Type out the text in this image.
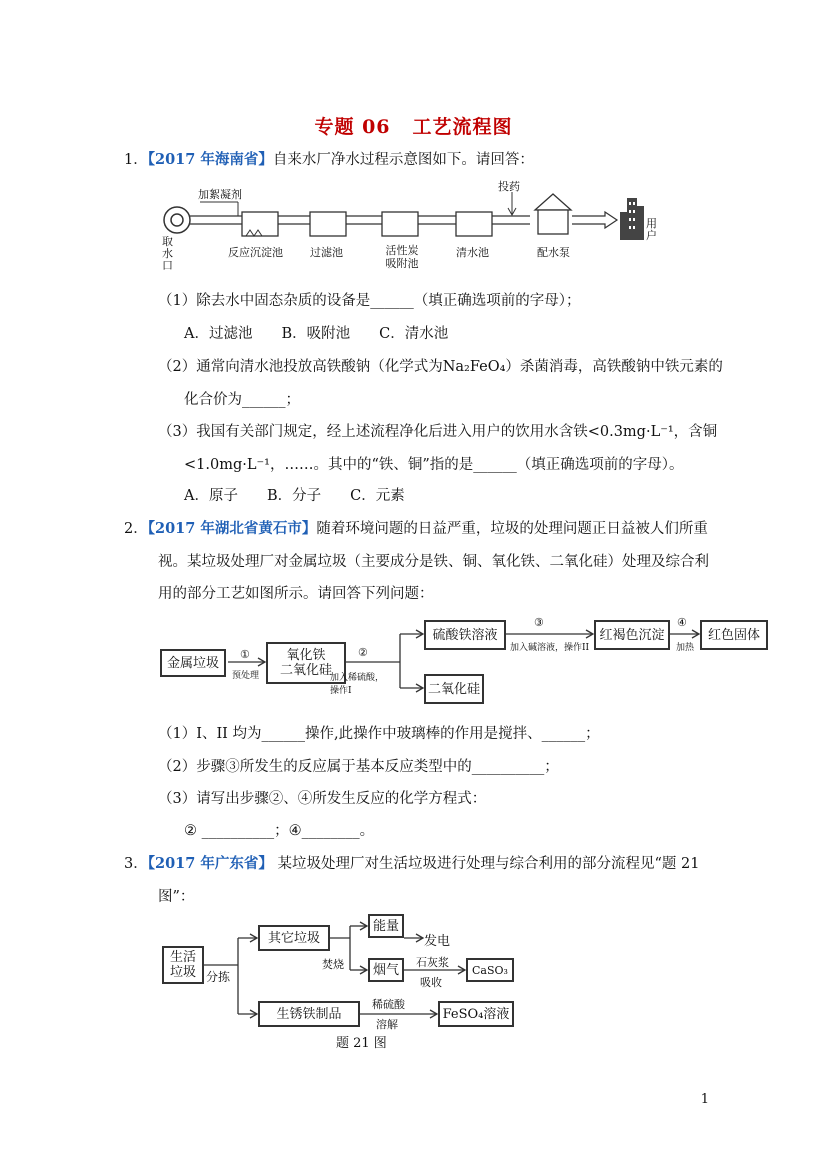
专题 06 工艺流程图
1．【2017 年海南省】自来水厂净水过程示意图如下。请回答：
取水口
加絮凝剂
投药
反应沉淀池 过滤池	活性炭吸附池
清水池	配水泵
用户
（1）除去水中固态杂质的设备是______（填正确选项前的字母）；
A．过滤池　　B．吸附池　　C．清水池
（2）通常向清水池投放高铁酸钠（化学式为Na₂FeO₄）杀菌消毒，高铁酸钠中铁元素的
化合价为______；
（3）我国有关部门规定，经上述流程净化后进入用户的饮用水含铁<0.3mg·L⁻¹，含铜
<1.0mg·L⁻¹，……。其中的“铁、铜”指的是______（填正确选项前的字母）。
A．原子　　B．分子　　C．元素
2．【2017 年湖北省黄石市】随着环境问题的日益严重，垃圾的处理问题正日益被人们所重
视。某垃圾处理厂对金属垃圾（主要成分是铁、铜、氧化铁、二氧化硅）处理及综合利
用的部分工艺如图所示。请回答下列问题：
金属垃圾	氧化铁
二氧化硅
硫酸铁溶液
二氧化硅
红褐色沉淀	红色固体
①
预处理
②
加入稀硫酸，操作I
③
加入碱溶液，操作II
④
加热
（1）I、II 均为______操作,此操作中玻璃棒的作用是搅拌、______；
（2）步骤③所发生的反应属于基本反应类型中的__________；
（3）请写出步骤②、④所发生反应的化学方程式：
② __________；④________。
3．【2017 年广东省】 某垃圾处理厂对生活垃圾进行处理与综合利用的部分流程见“题 21
图”：
生活
垃圾 分拣
其它垃圾
焚烧
能量
发电
烟气	石灰浆
吸收
CaSO₃
生锈铁制品
稀硫酸
溶解
FeSO₄溶液
题 21 图
1
